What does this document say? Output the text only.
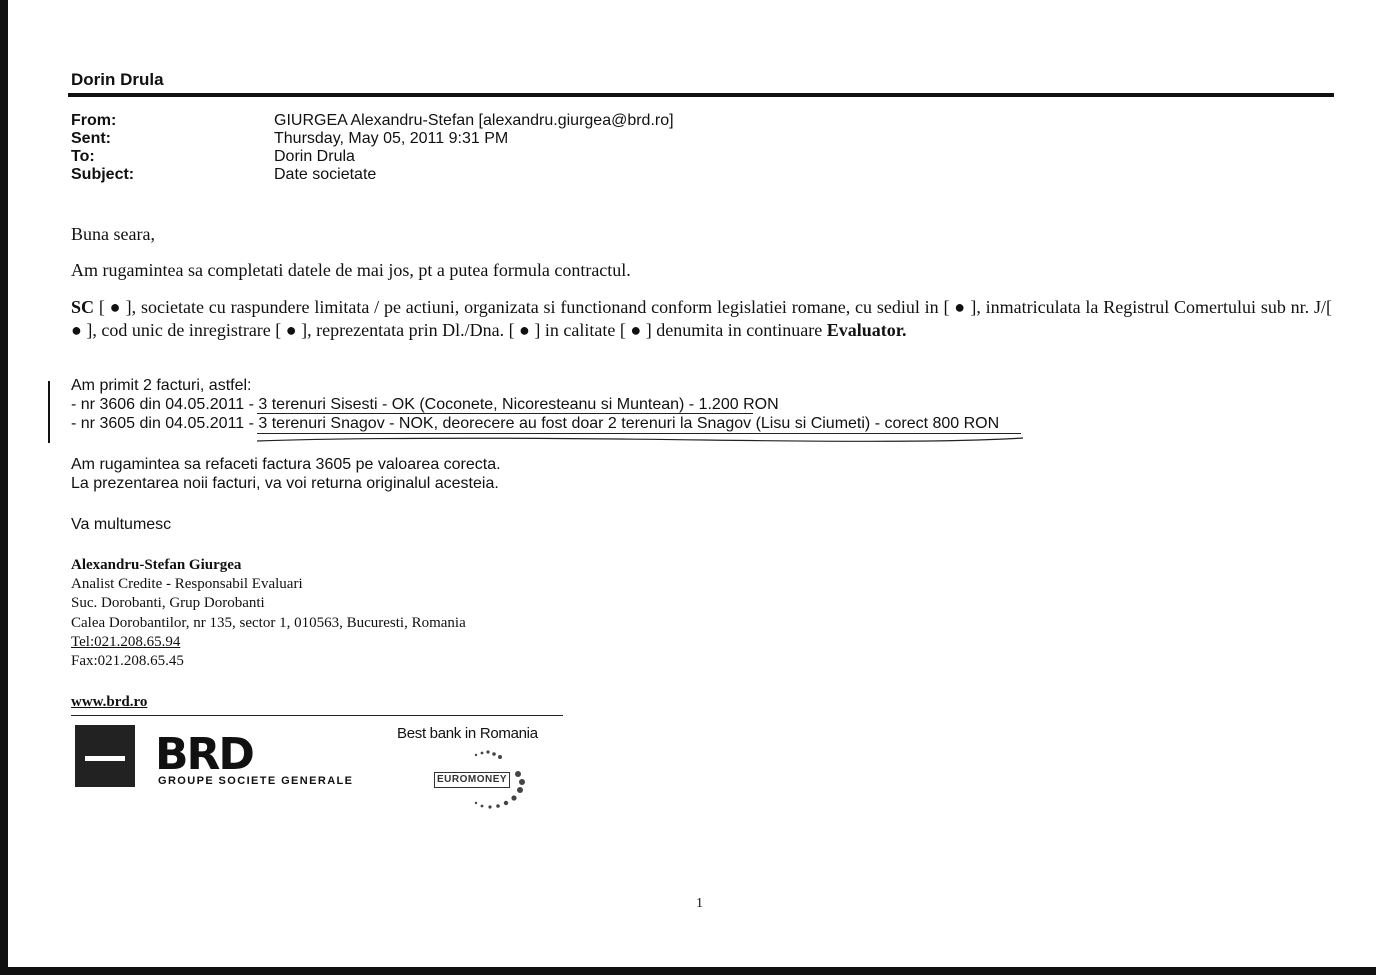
Dorin Drula
From:	GIURGEA Alexandru-Stefan [alexandru.giurgea@brd.ro]
Sent:	Thursday, May 05, 2011 9:31 PM
To:	Dorin Drula
Subject:	Date societate
Buna seara,
Am rugamintea sa completati datele de mai jos, pt a putea formula contractul.
SC [ ● ], societate cu raspundere limitata / pe actiuni, organizata si functionand conform legislatiei romane, cu sediul in [ ● ], inmatriculata la Registrul Comertului sub nr. J/[ ● ], cod unic de inregistrare [ ● ], reprezentata prin Dl./Dna. [ ● ] in calitate [ ● ] denumita in continuare Evaluator.
Am primit 2 facturi, astfel:
- nr 3606 din 04.05.2011 - 3 terenuri Sisesti - OK (Coconete, Nicoresteanu si Muntean) - 1.200 RON
- nr 3605 din 04.05.2011 - 3 terenuri Snagov - NOK, deorecere au fost doar 2 terenuri la Snagov (Lisu si Ciumeti) - corect 800 RON
Am rugamintea sa refaceti factura 3605 pe valoarea corecta.
La prezentarea noii facturi, va voi returna originalul acesteia.
Va multumesc
Alexandru-Stefan Giurgea
Analist Credite - Responsabil Evaluari
Suc. Dorobanti, Grup Dorobanti
Calea Dorobantilor, nr 135, sector 1, 010563, Bucuresti, Romania
Tel:021.208.65.94
Fax:021.208.65.45
www.brd.ro
BRD
GROUPE SOCIETE GENERALE
Best bank in Romania
EUROMONEY
1
